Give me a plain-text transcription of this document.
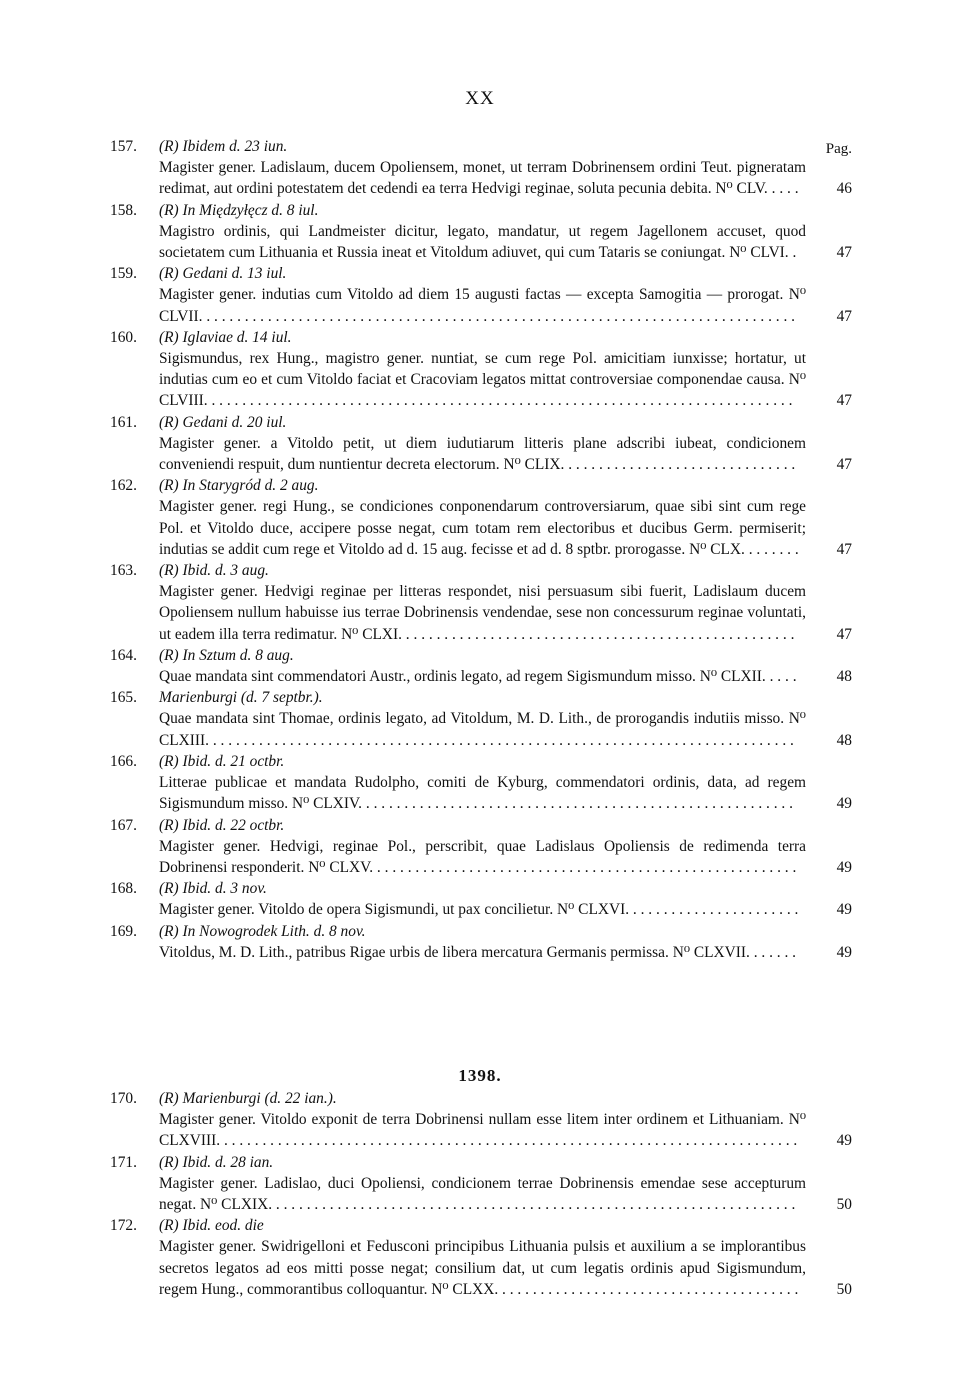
XX
Pag.
157.	(R) Ibidem d. 23 iun.
Magister gener. Ladislaum, ducem Opoliensem, monet, ut terram Dobrinensem ordini Teut. pigneratam redimat, aut ordini potestatem det cedendi ea terra Hedvigi reginae, soluta pecunia debita. N⁰ CLV. . . . .	46
158.	(R) In Międzyłęcz d. 8 iul.
Magistro ordinis, qui Landmeister dicitur, legato, mandatur, ut regem Jagellonem accuset, quod societatem cum Lithuania et Russia ineat et Vitoldum adiuvet, qui cum Tataris se coniungat. N⁰ CLVI. .	47
159.	(R) Gedani d. 13 iul.
Magister gener. indutias cum Vitoldo ad diem 15 augusti factas — excepta Samogitia — prorogat. N⁰ CLVII. . . . . . . . . . . . . . . . . . . . . . . . . . . . . . . . . . . . . . . . . . . . . . . . . . . . . . . . . . . . . . . . . . . . . . . . . . . . . .	47
160.	(R) Iglaviae d. 14 iul.
Sigismundus, rex Hung., magistro gener. nuntiat, se cum rege Pol. amicitiam iunxisse; hortatur, ut indutias cum eo et cum Vitoldo faciat et Cracoviam legatos mittat controversiae componendae causa. N⁰ CLVIII. . . . . . . . . . . . . . . . . . . . . . . . . . . . . . . . . . . . . . . . . . . . . . . . . . . . . . . . . . . . . . . . . . . . . . . . . . . . .	47
161.	(R) Gedani d. 20 iul.
Magister gener. a Vitoldo petit, ut diem iudutiarum litteris plane adscribi iubeat, condicionem conveniendi respuit, dum nuntientur decreta electorum. N⁰ CLIX. . . . . . . . . . . . . . . . . . . . . . . . . . . . . . .	47
162.	(R) In Starygród d. 2 aug.
Magister gener. regi Hung., se condiciones conponendarum controversiarum, quae sibi sint cum rege Pol. et Vitoldo duce, accipere posse negat, cum totam rem electoribus et ducibus Germ. permiserit; indutias se addit cum rege et Vitoldo ad d. 15 aug. fecisse et ad d. 8 sptbr. prorogasse. N⁰ CLX. . . . . . . .	47
163.	(R) Ibid. d. 3 aug.
Magister gener. Hedvigi reginae per litteras respondet, nisi persuasum sibi fuerit, Ladislaum ducem Opoliensem nullum habuisse ius terrae Dobrinensis vendendae, sese non concessurum reginae voluntati, ut eadem illa terra redimatur. N⁰ CLXI. . . . . . . . . . . . . . . . . . . . . . . . . . . . . . . . . . . . . . . . . . . . . . . . . . . .	47
164.	(R) In Sztum d. 8 aug.
Quae mandata sint commendatori Austr., ordinis legato, ad regem Sigismundum misso. N⁰ CLXII. . . . .	48
165.	Marienburgi (d. 7 septbr.).
Quae mandata sint Thomae, ordinis legato, ad Vitoldum, M. D. Lith., de prorogandis indutiis misso. N⁰ CLXIII. . . . . . . . . . . . . . . . . . . . . . . . . . . . . . . . . . . . . . . . . . . . . . . . . . . . . . . . . . . . . . . . . . . . . . . . . . . . .	48
166.	(R) Ibid. d. 21 octbr.
Litterae publicae et mandata Rudolpho, comiti de Kyburg, commendatori ordinis, data, ad regem Sigismundum misso. N⁰ CLXIV. . . . . . . . . . . . . . . . . . . . . . . . . . . . . . . . . . . . . . . . . . . . . . . . . . . . . . . . .	49
167.	(R) Ibid. d. 22 octbr.
Magister gener. Hedvigi, reginae Pol., perscribit, quae Ladislaus Opoliensis de redimenda terra Dobrinensi responderit. N⁰ CLXV. . . . . . . . . . . . . . . . . . . . . . . . . . . . . . . . . . . . . . . . . . . . . . . . . . . . . . . .	49
168.	(R) Ibid. d. 3 nov.
Magister gener. Vitoldo de opera Sigismundi, ut pax concilietur. N⁰ CLXVI. . . . . . . . . . . . . . . . . . . . . . .	49
169.	(R) In Nowogrodek Lith. d. 8 nov.
Vitoldus, M. D. Lith., patribus Rigae urbis de libera mercatura Germanis permissa. N⁰ CLXVII. . . . . . .	49
1398.
170.	(R) Marienburgi (d. 22 ian.).
Magister gener. Vitoldo exponit de terra Dobrinensi nullam esse litem inter ordinem et Lithuaniam. N⁰ CLXVIII. . . . . . . . . . . . . . . . . . . . . . . . . . . . . . . . . . . . . . . . . . . . . . . . . . . . . . . . . . . . . . . . . . . . . . . . . . . .	49
171.	(R) Ibid. d. 28 ian.
Magister gener. Ladislao, duci Opoliensi, condicionem terrae Dobrinensis emendae sese accepturum negat. N⁰ CLXIX. . . . . . . . . . . . . . . . . . . . . . . . . . . . . . . . . . . . . . . . . . . . . . . . . . . . . . . . . . . . . . . . . . . . .	50
172.	(R) Ibid. eod. die
Magister gener. Swidrigelloni et Fedusconi principibus Lithuania pulsis et auxilium a se implorantibus secretos legatos ad eos mitti posse negat; consilium dat, ut cum legatis ordinis apud Sigismundum, regem Hung., commorantibus colloquantur. N⁰ CLXX. . . . . . . . . . . . . . . . . . . . . . . . . . . . . . . . . . . . . . . .	50
